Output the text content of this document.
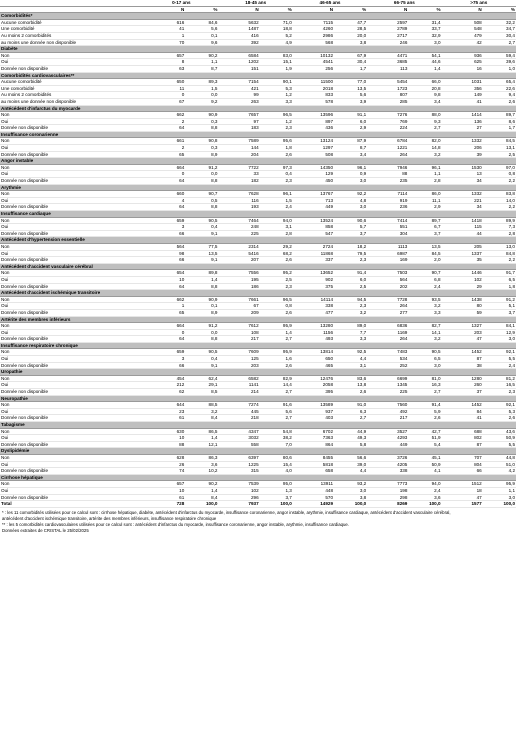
	0-17 ans		18-45 ans		46-65 ans		66-75 ans		>75 ans	
	N	%	N	%	N	%	N	%	N	%
Comorbidités*										
Aucune comorbidité	616	84,6	5632	71,0	7115	47,7	2597	31,4	508	32,2
Une comorbidité	41	5,6	1487	18,8	4260	28,5	2789	33,7	548	34,7
Au moins 2 comorbidités	1	0,1	416	5,2	2986	20,0	2717	32,9	479	30,4
au moins une donnée non disponible	70	9,6	392	4,9	568	3,8	246	3,0	42	2,7
Diabète										
Non	657	90,2	6584	83,0	10132	67,9	4471	54,1	936	59,4
Oui	8	1,1	1202	15,1	4541	30,4	3685	44,6	625	39,6
Donnée non disponible	63	8,7	151	1,9	256	1,7	113	1,4	16	1,0
Comorbidités cardiovasculaires**										
Aucune comorbidité	650	89,3	7154	90,1	11500	77,0	5454	66,0	1031	65,4
Une comorbidité	11	1,5	421	5,3	2018	13,5	1723	20,8	356	22,6
Au moins 2 comorbidités	0	0,0	99	1,2	833	5,6	807	9,8	149	9,4
au moins une donnée non disponible	67	9,2	263	3,3	578	3,9	285	3,4	41	2,6
Antécédent d'infarctus du myocarde										
Non	662	90,9	7657	96,5	13596	91,1	7276	88,0	1414	89,7
Oui	2	0,3	97	1,2	897	6,0	769	9,3	136	8,6
Donnée non disponible	64	8,8	183	2,3	436	2,9	224	2,7	27	1,7
Insuffisance coronarienne										
Non	661	90,8	7589	95,6	13124	87,9	6784	82,0	1332	84,5
Oui	2	0,3	144	1,8	1297	8,7	1221	14,8	206	13,1
Donnée non disponible	65	8,9	204	2,6	508	3,4	264	3,2	39	2,5
Angor instable										
Non	664	91,2	7722	97,3	14350	96,1	7946	96,1	1530	97,0
Oui	0	0,0	33	0,4	129	0,9	88	1,1	13	0,8
Donnée non disponible	64	8,8	182	2,3	450	3,0	235	2,8	34	2,2
Arythmie										
Non	660	90,7	7628	96,1	13767	92,2	7114	86,0	1332	83,8
Oui	4	0,5	116	1,5	713	4,8	919	11,1	221	14,0
Donnée non disponible	64	8,8	193	2,4	449	3,0	236	2,9	34	2,2
Insuffisance cardiaque										
Non	659	90,5	7464	94,0	13524	90,6	7414	89,7	1418	89,9
Oui	3	0,4	248	3,1	858	5,7	551	6,7	115	7,3
Donnée non disponible	66	9,1	225	2,8	547	3,7	304	3,7	44	2,8
Antécédent d'hypertension essentielle										
Non	564	77,5	2314	29,2	2724	18,2	1113	13,5	205	13,0
Oui	98	13,5	5416	68,2	11868	79,5	6987	84,5	1337	84,8
Donnée non disponible	66	9,1	207	2,6	337	2,3	169	2,0	35	2,2
Antécédent d'accident vasculaire cérébral										
Non	654	89,8	7556	95,2	13652	91,4	7503	90,7	1446	91,7
Oui	10	1,4	195	2,5	902	6,0	564	6,8	102	6,5
Donnée non disponible	64	8,8	186	2,3	375	2,5	202	2,4	29	1,8
Antécédent d'accident ischémique transitoire										
Non	662	90,9	7661	96,5	14114	94,5	7728	93,5	1438	91,2
Oui	1	0,1	67	0,8	338	2,3	264	3,2	80	5,1
Donnée non disponible	65	8,9	209	2,6	477	3,2	277	3,3	59	3,7
Artérite des membres inférieurs										
Non	664	91,2	7612	95,9	13280	89,0	6836	82,7	1327	84,1
Oui	0	0,0	108	1,4	1156	7,7	1169	14,1	203	12,9
Donnée non disponible	64	8,8	217	2,7	493	3,3	264	3,2	47	3,0
Insuffisance respiratoire chronique										
Non	659	90,5	7609	95,9	13814	92,5	7483	90,5	1452	92,1
Oui	3	0,4	125	1,6	650	4,4	534	6,5	87	5,5
Donnée non disponible	66	9,1	203	2,6	465	3,1	252	3,0	38	2,4
Uropathie										
Non	454	62,4	6582	82,9	12476	83,6	6699	81,0	1280	81,2
Oui	212	29,1	1141	14,4	2058	13,8	1345	16,3	260	16,5
Donnée non disponible	62	8,5	214	2,7	395	2,6	225	2,7	37	2,3
Neuropathie										
Non	644	88,5	7274	91,6	13589	91,0	7560	91,4	1452	92,1
Oui	23	3,2	445	5,6	937	6,3	492	5,9	84	5,3
Donnée non disponible	61	8,4	218	2,7	403	2,7	217	2,6	41	2,6
Tabagisme										
Non	630	86,5	4347	54,8	6702	44,9	3527	42,7	688	43,6
Oui	10	1,4	3032	38,2	7363	49,3	4293	51,9	802	50,9
Donnée non disponible	88	12,1	558	7,0	864	5,8	449	5,4	87	5,5
Dyslipidémie										
Non	628	86,3	6397	80,6	8455	56,6	3726	45,1	707	44,8
Oui	26	3,6	1225	15,4	5818	39,0	4205	50,9	804	51,0
Donnée non disponible	74	10,2	315	4,0	658	4,4	338	4,1	66	4,2
Cirrhose hépatique										
Non	657	90,2	7539	95,0	13911	93,2	7773	94,0	1512	95,9
Oui	10	1,4	102	1,3	448	3,0	198	2,4	18	1,1
Donnée non disponible	61	8,4	296	3,7	570	3,8	298	3,6	47	3,0
Total	728	100,0	7937	100,0	14929	100,0	8269	100,0	1577	100,0
* : les 11 comorbidités utilisées pour ce calcul sont : cirrhose hépatique, diabète, antécédent d'infarctus du myocarde, insuffisance coronarienne, angor instable, arythmie, insuffisance cardiaque, antécédent d'accident vasculaire cérébral,
antécédent d'accident ischémique transitoire, artérite des membres inférieurs, insuffisance respiratoire chronique
** : les 5 comorbidités cardiovasculaires utilisées pour ce calcul sont : antécédent d'infarctus du myocarde, insuffisance coronarienne, angor instable, arythmie, insuffisance cardiaque.
Données extraites de CRISTAL le 25/02/2025
